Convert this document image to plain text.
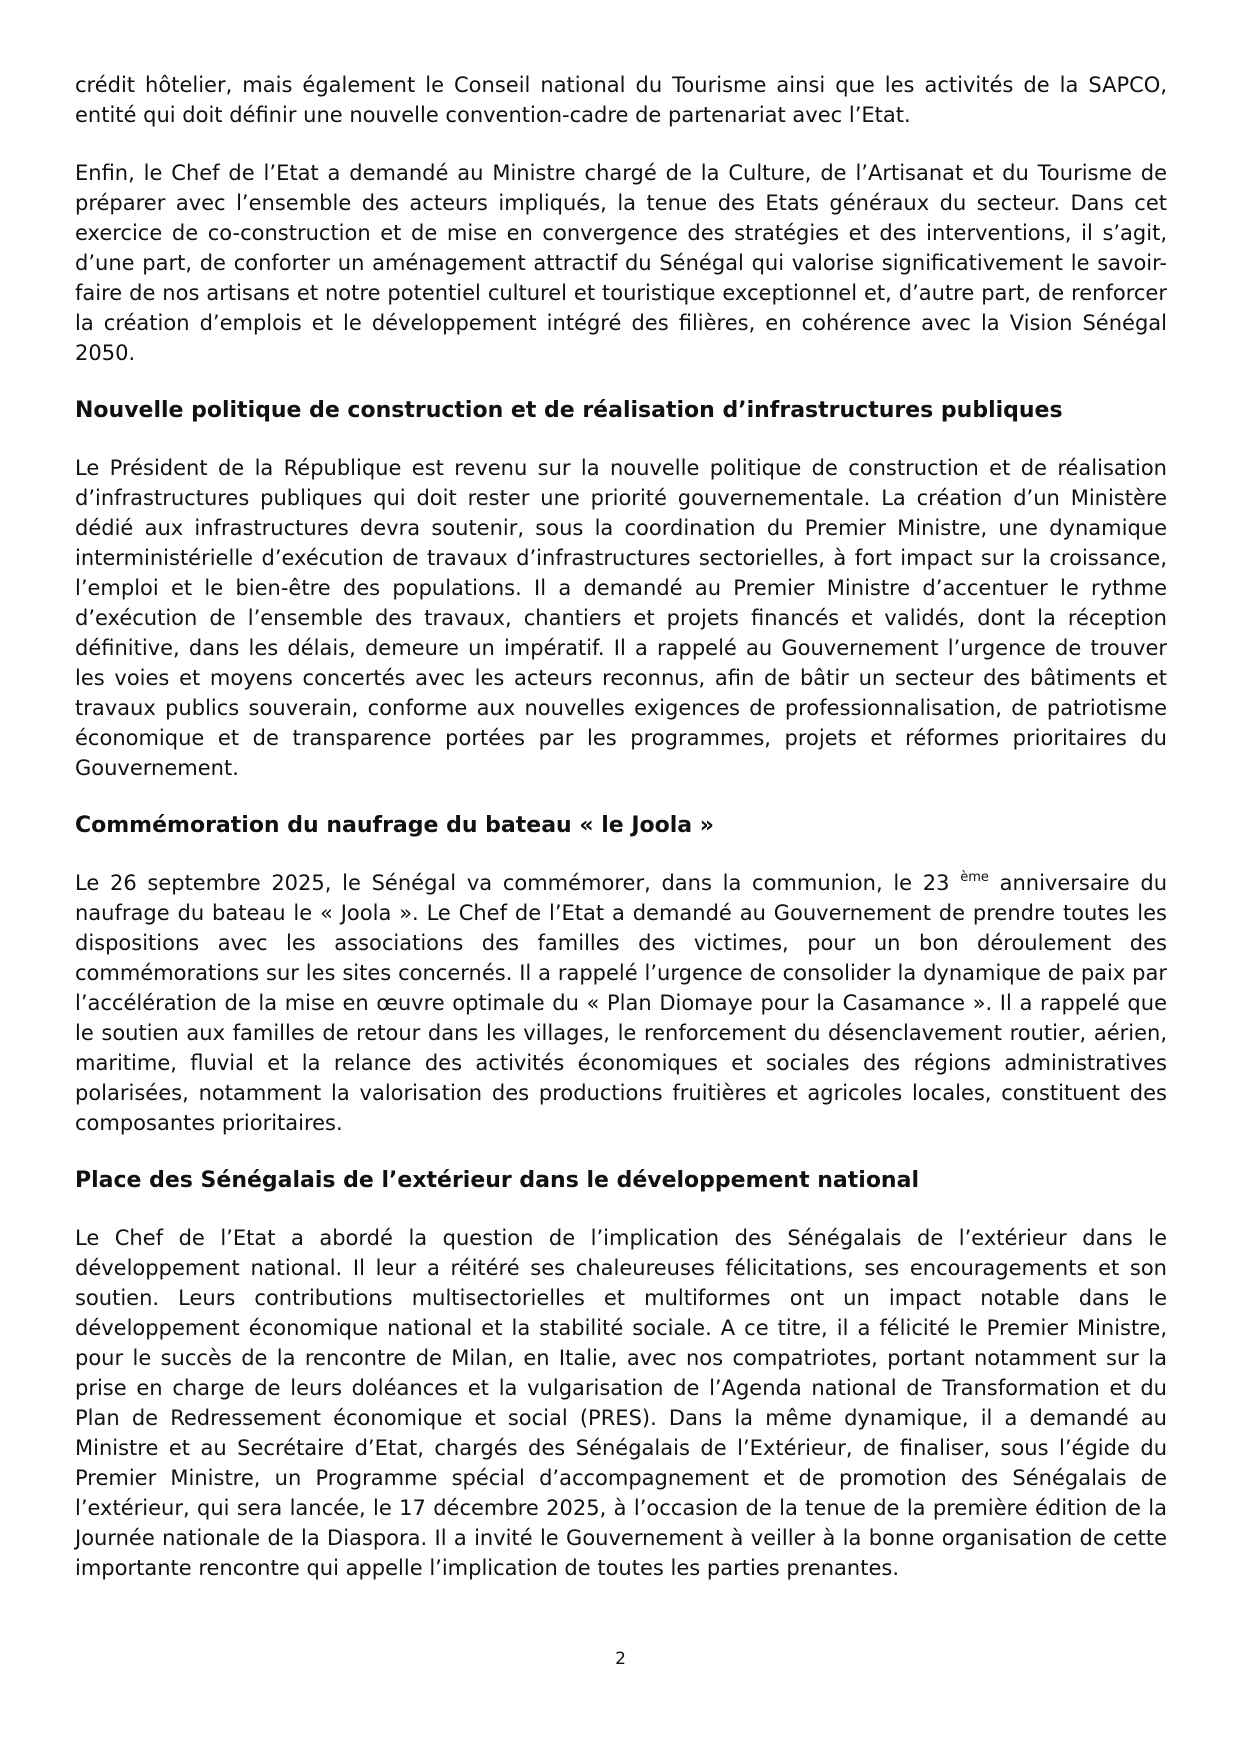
crédit hôtelier, mais également le Conseil national du Tourisme ainsi que les activités de la SAPCO, entité qui doit définir une nouvelle convention-cadre de partenariat avec l’Etat.

Enfin, le Chef de l’Etat a demandé au Ministre chargé de la Culture, de l’Artisanat et du Tourisme de préparer avec l’ensemble des acteurs impliqués, la tenue des Etats généraux du secteur. Dans cet exercice de co-construction et de mise en convergence des stratégies et des interventions, il s’agit, d’une part, de conforter un aménagement attractif du Sénégal qui valorise significativement le savoir-faire de nos artisans et notre potentiel culturel et touristique exceptionnel et, d’autre part, de renforcer la création d’emplois et le développement intégré des filières, en cohérence avec la Vision Sénégal 2050.

Nouvelle politique de construction et de réalisation d’infrastructures publiques

Le Président de la République est revenu sur la nouvelle politique de construction et de réalisation d’infrastructures publiques qui doit rester une priorité gouvernementale. La création d’un Ministère dédié aux infrastructures devra soutenir, sous la coordination du Premier Ministre, une dynamique interministérielle d’exécution de travaux d’infrastructures sectorielles, à fort impact sur la croissance, l’emploi et le bien-être des populations. Il a demandé au Premier Ministre d’accentuer le rythme d’exécution de l’ensemble des travaux, chantiers et projets financés et validés, dont la réception définitive, dans les délais, demeure un impératif. Il a rappelé au Gouvernement l’urgence de trouver les voies et moyens concertés avec les acteurs reconnus, afin de bâtir un secteur des bâtiments et travaux publics souverain, conforme aux nouvelles exigences de professionnalisation, de patriotisme économique et de transparence portées par les programmes, projets et réformes prioritaires du Gouvernement.

Commémoration du naufrage du bateau « le Joola »

Le 26 septembre 2025, le Sénégal va commémorer, dans la communion, le 23 $^{ème}$ anniversaire du naufrage du bateau le « Joola ». Le Chef de l’Etat a demandé au Gouvernement de prendre toutes les dispositions avec les associations des familles des victimes, pour un bon déroulement des commémorations sur les sites concernés. Il a rappelé l’urgence de consolider la dynamique de paix par l’accélération de la mise en œuvre optimale du « Plan Diomaye pour la Casamance ». Il a rappelé que le soutien aux familles de retour dans les villages, le renforcement du désenclavement routier, aérien, maritime, fluvial et la relance des activités économiques et sociales des régions administratives polarisées, notamment la valorisation des productions fruitières et agricoles locales, constituent des composantes prioritaires.

Place des Sénégalais de l’extérieur dans le développement national

Le Chef de l’Etat a abordé la question de l’implication des Sénégalais de l’extérieur dans le développement national. Il leur a réitéré ses chaleureuses félicitations, ses encouragements et son soutien. Leurs contributions multisectorielles et multiformes ont un impact notable dans le développement économique national et la stabilité sociale. A ce titre, il a félicité le Premier Ministre, pour le succès de la rencontre de Milan, en Italie, avec nos compatriotes, portant notamment sur la prise en charge de leurs doléances et la vulgarisation de l’Agenda national de Transformation et du Plan de Redressement économique et social (PRES). Dans la même dynamique, il a demandé au Ministre et au Secrétaire d’Etat, chargés des Sénégalais de l’Extérieur, de finaliser, sous l’égide du Premier Ministre, un Programme spécial d’accompagnement et de promotion des Sénégalais de l’extérieur, qui sera lancée, le 17 décembre 2025, à l’occasion de la tenue de la première édition de la Journée nationale de la Diaspora. Il a invité le Gouvernement à veiller à la bonne organisation de cette importante rencontre qui appelle l’implication de toutes les parties prenantes.

2
